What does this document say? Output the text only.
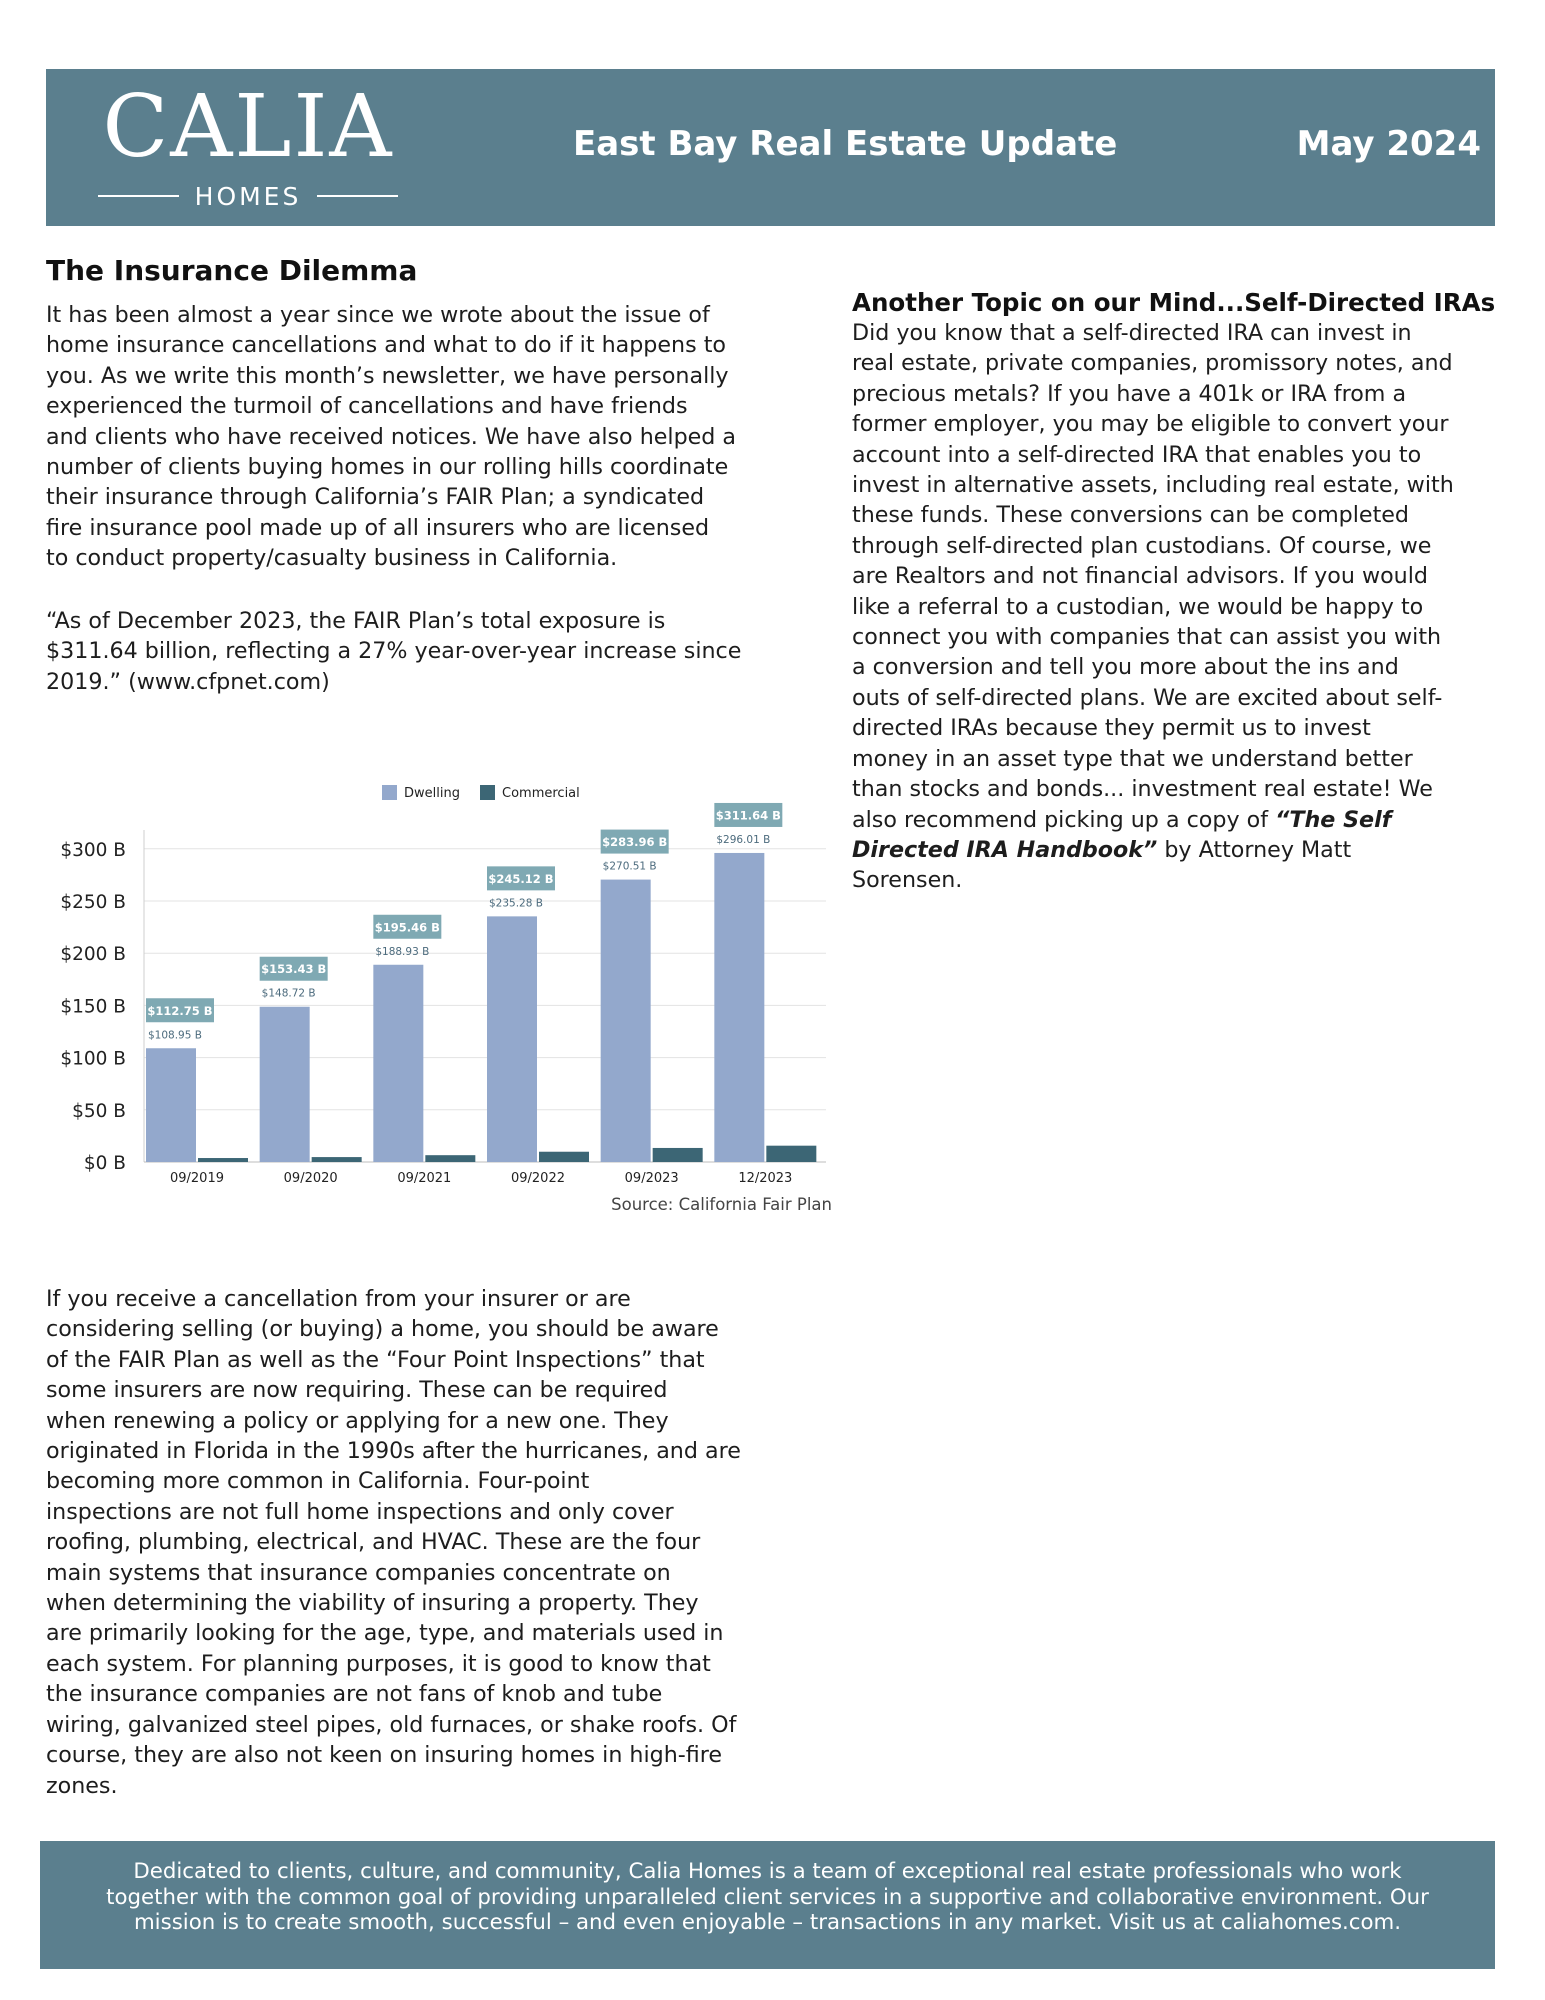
CALIA
HOMES
East Bay Real Estate Update	May 2024
The Insurance Dilemma

It has been almost a year since we wrote about the issue of
home insurance cancellations and what to do if it happens to
you. As we write this month’s newsletter, we have personally
experienced the turmoil of cancellations and have friends
and clients who have received notices. We have also helped a
number of clients buying homes in our rolling hills coordinate
their insurance through California’s FAIR Plan; a syndicated
fire insurance pool made up of all insurers who are licensed
to conduct property/casualty business in California.

“As of December 2023, the FAIR Plan’s total exposure is
$311.64 billion, reflecting a 27% year-over-year increase since
2019.” (www.cfpnet.com)

$0 B
$50 B
$100 B
$150 B
$200 B
$250 B
$300 B
$108.95 B
$112.75 B
09/2019
$148.72 B
$153.43 B
09/2020
$188.93 B
$195.46 B
09/2021
$235.28 B
$245.12 B
09/2022
$270.51 B
$283.96 B
09/2023
$296.01 B
$311.64 B
12/2023
Dwelling	Commercial
Source: California Fair Plan

If you receive a cancellation from your insurer or are
considering selling (or buying) a home, you should be aware
of the FAIR Plan as well as the “Four Point Inspections” that
some insurers are now requiring. These can be required
when renewing a policy or applying for a new one. They
originated in Florida in the 1990s after the hurricanes, and are
becoming more common in California. Four-point
inspections are not full home inspections and only cover
roofing, plumbing, electrical, and HVAC. These are the four
main systems that insurance companies concentrate on
when determining the viability of insuring a property. They
are primarily looking for the age, type, and materials used in
each system. For planning purposes, it is good to know that
the insurance companies are not fans of knob and tube
wiring, galvanized steel pipes, old furnaces, or shake roofs. Of
course, they are also not keen on insuring homes in high-fire
zones.

Another Topic on our Mind...Self-Directed IRAs

Did you know that a self-directed IRA can invest in
real estate, private companies, promissory notes, and
precious metals? If you have a 401k or IRA from a
former employer, you may be eligible to convert your
account into a self-directed IRA that enables you to
invest in alternative assets, including real estate, with
these funds. These conversions can be completed
through self-directed plan custodians. Of course, we
are Realtors and not financial advisors. If you would
like a referral to a custodian, we would be happy to
connect you with companies that can assist you with
a conversion and tell you more about the ins and
outs of self-directed plans. We are excited about self-
directed IRAs because they permit us to invest
money in an asset type that we understand better
than stocks and bonds... investment real estate! We
also recommend picking up a copy of “The Self
Directed IRA Handbook” by Attorney Matt
Sorensen.

Dedicated to clients, culture, and community, Calia Homes is a team of exceptional real estate professionals who work
together with the common goal of providing unparalleled client services in a supportive and collaborative environment. Our
mission is to create smooth, successful – and even enjoyable – transactions in any market. Visit us at caliahomes.com.
